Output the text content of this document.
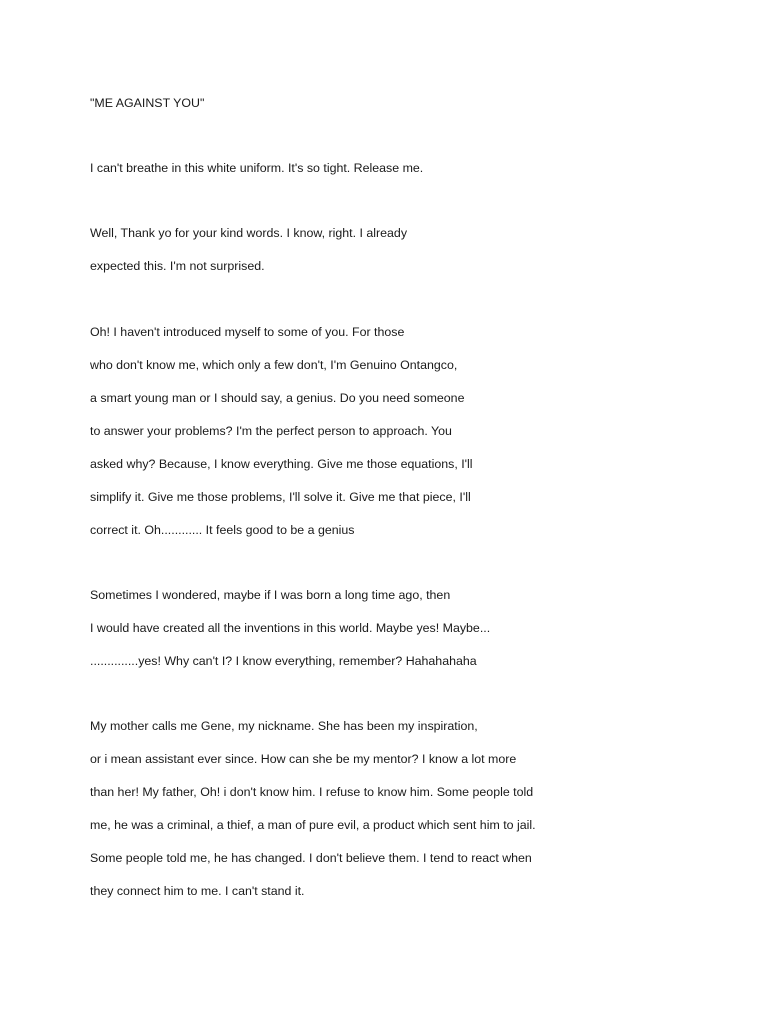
"ME AGAINST YOU"

I can't breathe in this white uniform. It's so tight. Release me.

Well, Thank yo for your kind words. I know, right. I already

expected this. I'm not surprised.

Oh! I haven't introduced myself to some of you. For those

who don't know me, which only a few don't, I'm Genuino Ontangco,

a smart young man or I should say, a genius. Do you need someone

to answer your problems? I'm the perfect person to approach. You

asked why? Because, I know everything. Give me those equations, I'll

simplify it. Give me those problems, I'll solve it. Give me that piece, I'll

correct it. Oh............ It feels good to be a genius

Sometimes I wondered, maybe if I was born a long time ago, then

I would have created all the inventions in this world. Maybe yes! Maybe...

..............yes! Why can't I? I know everything, remember? Hahahahaha

My mother calls me Gene, my nickname. She has been my inspiration,

or i mean assistant ever since. How can she be my mentor? I know a lot more

than her! My father, Oh! i don't know him. I refuse to know him. Some people told

me, he was a criminal, a thief, a man of pure evil, a product which sent him to jail.

Some people told me, he has changed. I don't believe them. I tend to react when

they connect him to me. I can't stand it.
